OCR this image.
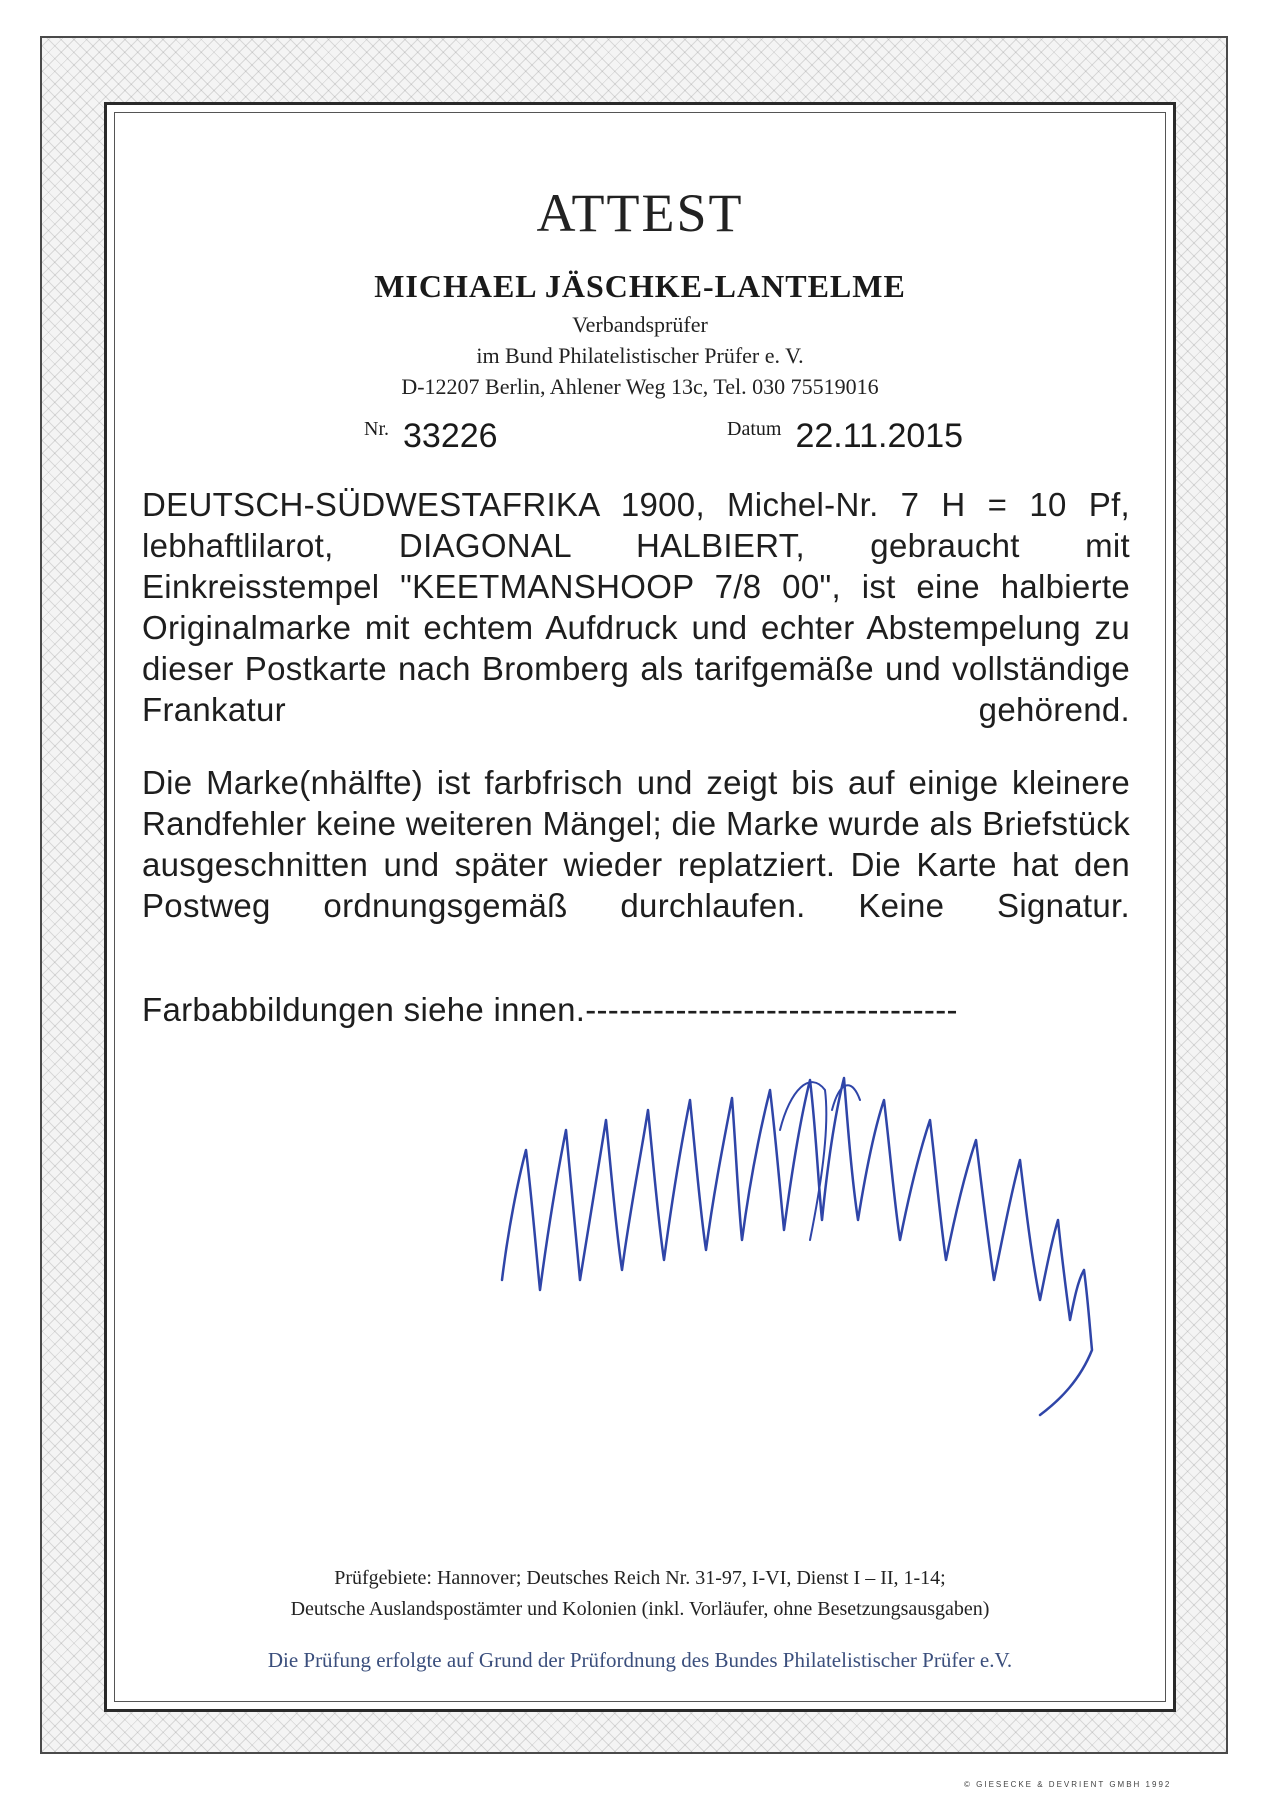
ATTEST
MICHAEL JÄSCHKE-LANTELME
Verbandsprüfer
im Bund Philatelistischer Prüfer e. V.
D-12207 Berlin, Ahlener Weg 13c, Tel. 030 75519016
Nr. 33226	Datum 22.11.2015
DEUTSCH-SÜDWESTAFRIKA 1900, Michel-Nr. 7 H = 10 Pf, lebhaftlilarot, DIAGONAL HALBIERT, gebraucht mit Einkreisstempel "KEETMANSHOOP 7/8 00", ist eine halbierte Originalmarke mit echtem Aufdruck und echter Abstempelung zu dieser Postkarte nach Bromberg als tarifgemäße und vollständige Frankatur gehörend.
Die Marke(nhälfte) ist farbfrisch und zeigt bis auf einige kleinere Randfehler keine weiteren Mängel; die Marke wurde als Briefstück ausgeschnitten und später wieder replatziert. Die Karte hat den Postweg ordnungsgemäß durchlaufen. Keine Signatur.
Farbabbildungen siehe innen.---------------------------------
Prüfgebiete: Hannover; Deutsches Reich Nr. 31-97, I-VI, Dienst I – II, 1-14;
Deutsche Auslandspostämter und Kolonien (inkl. Vorläufer, ohne Besetzungsausgaben)
Die Prüfung erfolgte auf Grund der Prüfordnung des Bundes Philatelistischer Prüfer e.V.
© GIESECKE & DEVRIENT GMBH 1992
